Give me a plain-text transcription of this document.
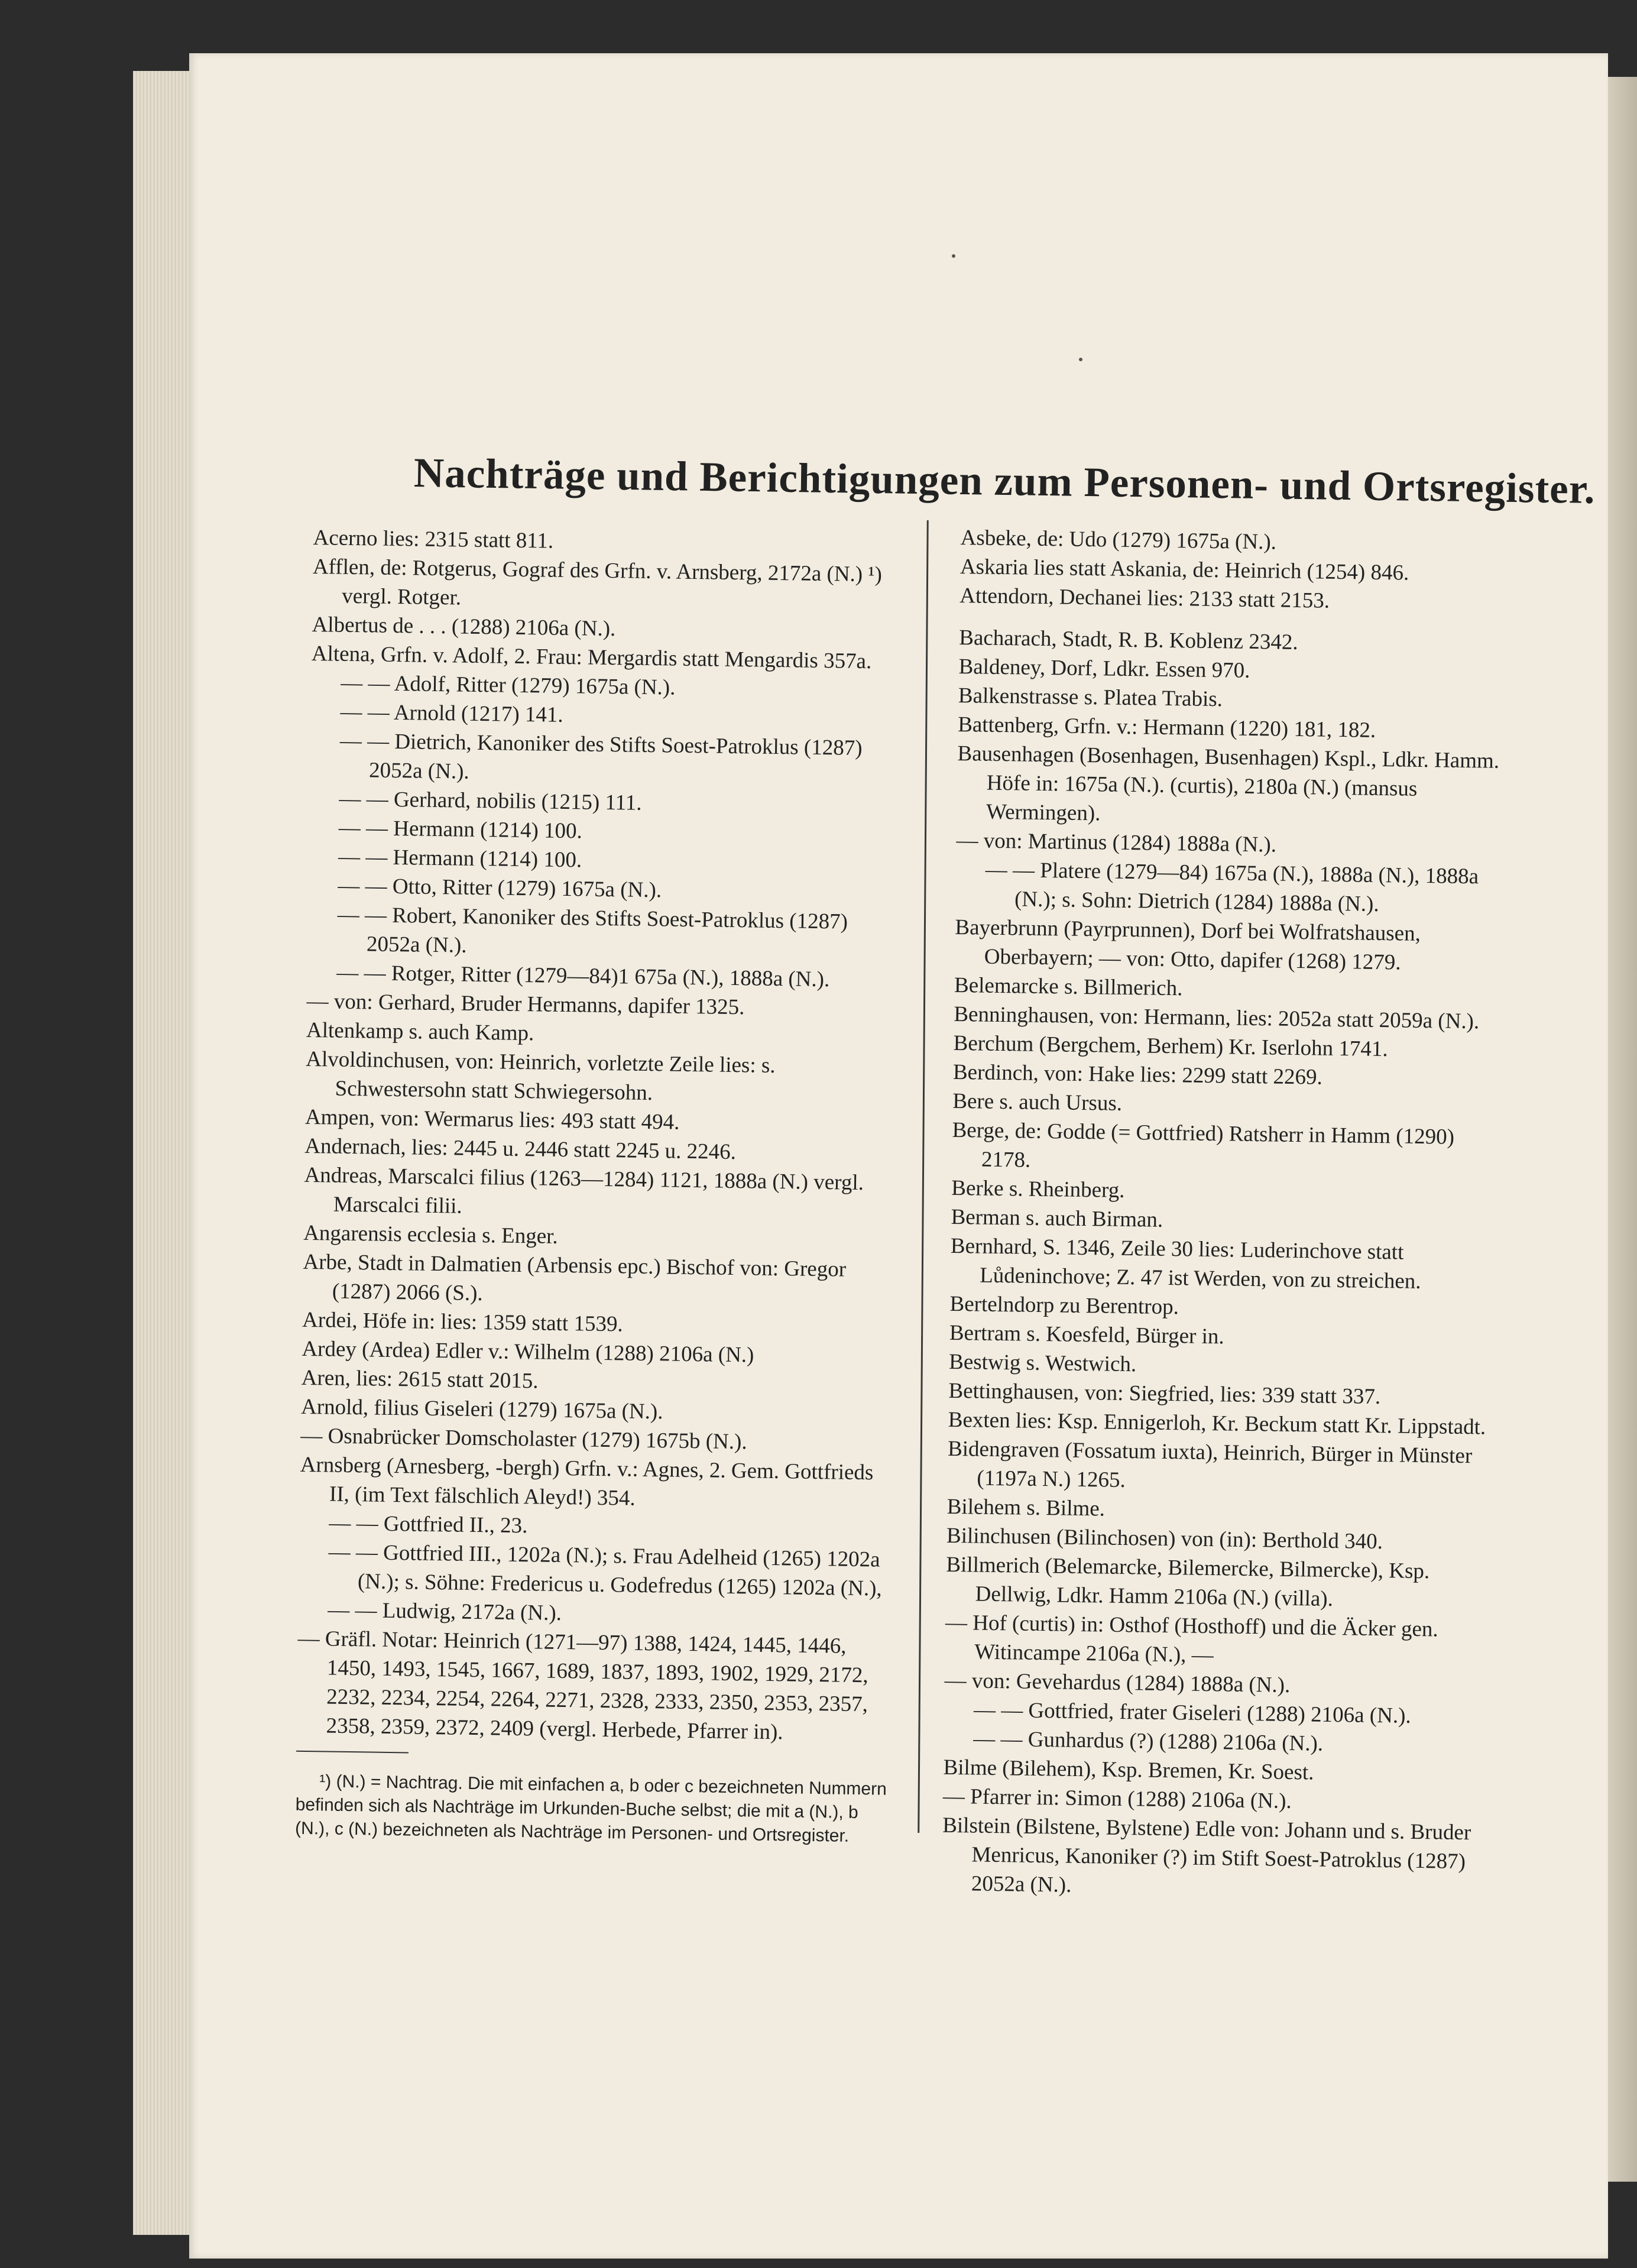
Nachträge und Berichtigungen zum Personen- und Ortsregister.

Acerno lies: 2315 statt 811.

Afflen, de: Rotgerus, Gograf des Grfn. v. Arnsberg, 2172a (N.) ¹) vergl. Rotger.

Albertus de . . . (1288) 2106a (N.).

Altena, Grfn. v. Adolf, 2. Frau: Mergardis statt Mengardis 357a.

— — Adolf, Ritter (1279) 1675a (N.).

— — Arnold (1217) 141.

— — Dietrich, Kanoniker des Stifts Soest-Patroklus (1287) 2052a (N.).

— — Gerhard, nobilis (1215) 111.

— — Hermann (1214) 100.

— — Hermann (1214) 100.

— — Otto, Ritter (1279) 1675a (N.).

— — Robert, Kanoniker des Stifts Soest-Patroklus (1287) 2052a (N.).

— — Rotger, Ritter (1279—84)1 675a (N.), 1888a (N.).

— von: Gerhard, Bruder Hermanns, dapifer 1325.

Altenkamp s. auch Kamp.

Alvoldinchusen, von: Heinrich, vorletzte Zeile lies: s. Schwestersohn statt Schwiegersohn.

Ampen, von: Wermarus lies: 493 statt 494.

Andernach, lies: 2445 u. 2446 statt 2245 u. 2246.

Andreas, Marscalci filius (1263—1284) 1121, 1888a (N.) vergl. Marscalci filii.

Angarensis ecclesia s. Enger.

Arbe, Stadt in Dalmatien (Arbensis epc.) Bischof von: Gregor (1287) 2066 (S.).

Ardei, Höfe in: lies: 1359 statt 1539.

Ardey (Ardea) Edler v.: Wilhelm (1288) 2106a (N.)

Aren, lies: 2615 statt 2015.

Arnold, filius Giseleri (1279) 1675a (N.).

— Osnabrücker Domscholaster (1279) 1675b (N.).

Arnsberg (Arnesberg, -bergh) Grfn. v.: Agnes, 2. Gem. Gottfrieds II, (im Text fälschlich Aleyd!) 354.

— — Gottfried II., 23.

— — Gottfried III., 1202a (N.); s. Frau Adelheid (1265) 1202a (N.); s. Söhne: Fredericus u. Godefredus (1265) 1202a (N.),

— — Ludwig, 2172a (N.).

— Gräfl. Notar: Heinrich (1271—97) 1388, 1424, 1445, 1446, 1450, 1493, 1545, 1667, 1689, 1837, 1893, 1902, 1929, 2172, 2232, 2234, 2254, 2264, 2271, 2328, 2333, 2350, 2353, 2357, 2358, 2359, 2372, 2409 (vergl. Herbede, Pfarrer in).

¹) (N.) = Nachtrag. Die mit einfachen a, b oder c bezeichneten Nummern befinden sich als Nachträge im Urkunden-Buche selbst; die mit a (N.), b (N.), c (N.) bezeichneten als Nachträge im Personen- und Ortsregister.

Asbeke, de: Udo (1279) 1675a (N.).

Askaria lies statt Askania, de: Heinrich (1254) 846.

Attendorn, Dechanei lies: 2133 statt 2153.

Bacharach, Stadt, R. B. Koblenz 2342.

Baldeney, Dorf, Ldkr. Essen 970.

Balkenstrasse s. Platea Trabis.

Battenberg, Grfn. v.: Hermann (1220) 181, 182.

Bausenhagen (Bosenhagen, Busenhagen) Kspl., Ldkr. Hamm. Höfe in: 1675a (N.). (curtis), 2180a (N.) (mansus Wermingen).

— von: Martinus (1284) 1888a (N.).

— — Platere (1279—84) 1675a (N.), 1888a (N.), 1888a (N.); s. Sohn: Dietrich (1284) 1888a (N.).

Bayerbrunn (Payrprunnen), Dorf bei Wolfratshausen, Oberbayern; — von: Otto, dapifer (1268) 1279.

Belemarcke s. Billmerich.

Benninghausen, von: Hermann, lies: 2052a statt 2059a (N.).

Berchum (Bergchem, Berhem) Kr. Iserlohn 1741.

Berdinch, von: Hake lies: 2299 statt 2269.

Bere s. auch Ursus.

Berge, de: Godde (= Gottfried) Ratsherr in Hamm (1290) 2178.

Berke s. Rheinberg.

Berman s. auch Birman.

Bernhard, S. 1346, Zeile 30 lies: Luderinchove statt Lůdeninchove; Z. 47 ist Werden, von zu streichen.

Bertelndorp zu Berentrop.

Bertram s. Koesfeld, Bürger in.

Bestwig s. Westwich.

Bettinghausen, von: Siegfried, lies: 339 statt 337.

Bexten lies: Ksp. Ennigerloh, Kr. Beckum statt Kr. Lippstadt.

Bidengraven (Fossatum iuxta), Heinrich, Bürger in Münster (1197a N.) 1265.

Bilehem s. Bilme.

Bilinchusen (Bilinchosen) von (in): Berthold 340.

Billmerich (Belemarcke, Bilemercke, Bilmercke), Ksp. Dellwig, Ldkr. Hamm 2106a (N.) (villa).

— Hof (curtis) in: Osthof (Hosthoff) und die Äcker gen. Witincampe 2106a (N.), —

— von: Gevehardus (1284) 1888a (N.).

— — Gottfried, frater Giseleri (1288) 2106a (N.).

— — Gunhardus (?) (1288) 2106a (N.).

Bilme (Bilehem), Ksp. Bremen, Kr. Soest.

— Pfarrer in: Simon (1288) 2106a (N.).

Bilstein (Bilstene, Bylstene) Edle von: Johann und s. Bruder Menricus, Kanoniker (?) im Stift Soest-Patroklus (1287) 2052a (N.).
